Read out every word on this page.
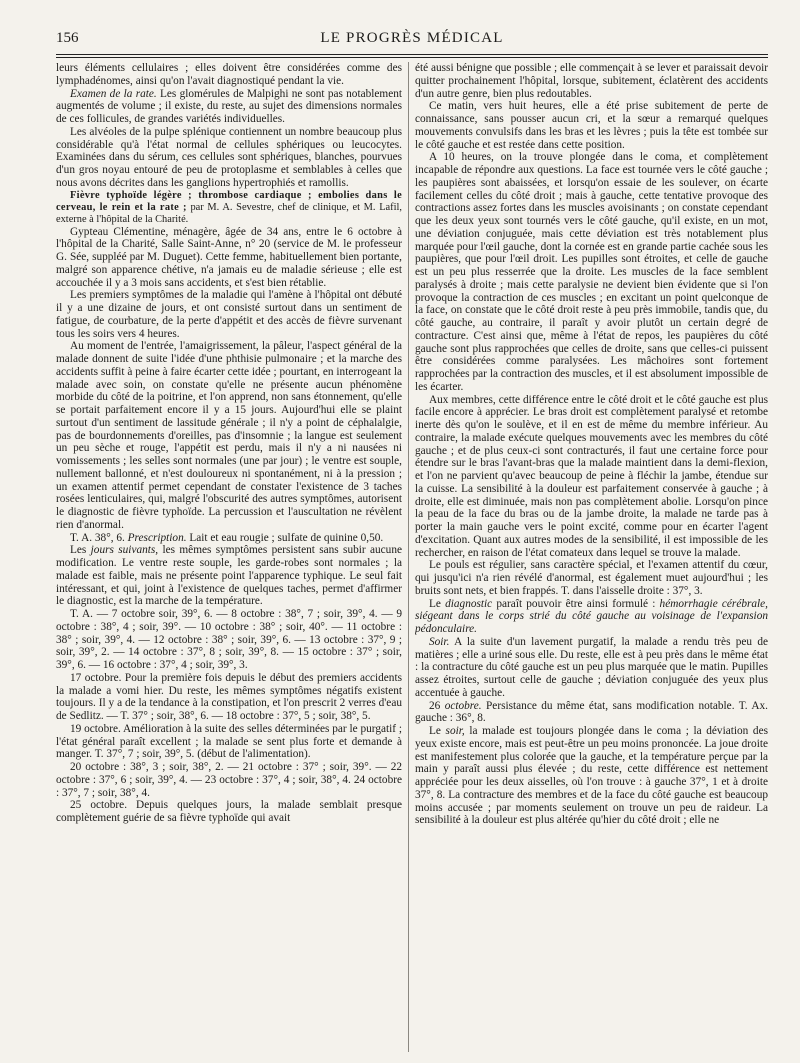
156	LE PROGRÈS MÉDICAL

leurs éléments cellulaires ; elles doivent être considérées comme des lymphadénomes, ainsi qu'on l'avait diagnostiqué pendant la vie.

Examen de la rate. Les glomérules de Malpighi ne sont pas notablement augmentés de volume ; il existe, du reste, au sujet des dimensions normales de ces follicules, de grandes variétés individuelles.

Les alvéoles de la pulpe splénique contiennent un nombre beaucoup plus considérable qu'à l'état normal de cellules sphériques ou leucocytes. Examinées dans du sérum, ces cellules sont sphériques, blanches, pourvues d'un gros noyau entouré de peu de protoplasme et semblables à celles que nous avons décrites dans les ganglions hypertrophiés et ramollis.

Fièvre typhoïde légère ; thrombose cardiaque ; embolies dans le cerveau, le rein et la rate ; par M. A. Sevestre, chef de clinique, et M. Lafil, externe à l'hôpital de la Charité.

Gypteau Clémentine, ménagère, âgée de 34 ans, entre le 6 octobre à l'hôpital de la Charité, Salle Saint-Anne, n° 20 (service de M. le professeur G. Sée, suppléé par M. Duguet). Cette femme, habituellement bien portante, malgré son apparence chétive, n'a jamais eu de maladie sérieuse ; elle est accouchée il y a 3 mois sans accidents, et s'est bien rétablie.

Les premiers symptômes de la maladie qui l'amène à l'hôpital ont débuté il y a une dizaine de jours, et ont consisté surtout dans un sentiment de fatigue, de courbature, de la perte d'appétit et des accès de fièvre survenant tous les soirs vers 4 heures.

Au moment de l'entrée, l'amaigrissement, la pâleur, l'aspect général de la malade donnent de suite l'idée d'une phthisie pulmonaire ; et la marche des accidents suffit à peine à faire écarter cette idée ; pourtant, en interrogeant la malade avec soin, on constate qu'elle ne présente aucun phénomène morbide du côté de la poitrine, et l'on apprend, non sans étonnement, qu'elle se portait parfaitement encore il y a 15 jours. Aujourd'hui elle se plaint surtout d'un sentiment de lassitude générale ; il n'y a point de céphalalgie, pas de bourdonnements d'oreilles, pas d'insomnie ; la langue est seulement un peu sèche et rouge, l'appétit est perdu, mais il n'y a ni nausées ni vomissements ; les selles sont normales (une par jour) ; le ventre est souple, nullement ballonné, et n'est douloureux ni spontanément, ni à la pression ; un examen attentif permet cependant de constater l'existence de 3 taches rosées lenticulaires, qui, malgré l'obscurité des autres symptômes, autorisent le diagnostic de fièvre typhoïde. La percussion et l'auscultation ne révèlent rien d'anormal.

T. A. 38°, 6. Prescription. Lait et eau rougie ; sulfate de quinine 0,50.

Les jours suivants, les mêmes symptômes persistent sans subir aucune modification. Le ventre reste souple, les garde-robes sont normales ; la malade est faible, mais ne présente point l'apparence typhique. Le seul fait intéressant, et qui, joint à l'existence de quelques taches, permet d'affirmer le diagnostic, est la marche de la température.

T. A. — 7 octobre soir, 39°, 6. — 8 octobre : 38°, 7 ; soir, 39°, 4. — 9 octobre : 38°, 4 ; soir, 39°. — 10 octobre : 38° ; soir, 40°. — 11 octobre : 38° ; soir, 39°, 4. — 12 octobre : 38° ; soir, 39°, 6. — 13 octobre : 37°, 9 ; soir, 39°, 2. — 14 octobre : 37°, 8 ; soir, 39°, 8. — 15 octobre : 37° ; soir, 39°, 6. — 16 octobre : 37°, 4 ; soir, 39°, 3.

17 octobre. Pour la première fois depuis le début des premiers accidents la malade a vomi hier. Du reste, les mêmes symptômes négatifs existent toujours. Il y a de la tendance à la constipation, et l'on prescrit 2 verres d'eau de Sedlitz. — T. 37° ; soir, 38°, 6. — 18 octobre : 37°, 5 ; soir, 38°, 5.

19 octobre. Amélioration à la suite des selles déterminées par le purgatif ; l'état général paraît excellent ; la malade se sent plus forte et demande à manger. T. 37°, 7 ; soir, 39°, 5. (début de l'alimentation).

20 octobre : 38°, 3 ; soir, 38°, 2. — 21 octobre : 37° ; soir, 39°. — 22 octobre : 37°, 6 ; soir, 39°, 4. — 23 octobre : 37°, 4 ; soir, 38°, 4. 24 octobre : 37°, 7 ; soir, 38°, 4.

25 octobre. Depuis quelques jours, la malade semblait presque complètement guérie de sa fièvre typhoïde qui avait

été aussi bénigne que possible ; elle commençait à se lever et paraissait devoir quitter prochainement l'hôpital, lorsque, subitement, éclatèrent des accidents d'un autre genre, bien plus redoutables.

Ce matin, vers huit heures, elle a été prise subitement de perte de connaissance, sans pousser aucun cri, et la sœur a remarqué quelques mouvements convulsifs dans les bras et les lèvres ; puis la tête est tombée sur le côté gauche et est restée dans cette position.

A 10 heures, on la trouve plongée dans le coma, et complètement incapable de répondre aux questions. La face est tournée vers le côté gauche ; les paupières sont abaissées, et lorsqu'on essaie de les soulever, on écarte facilement celles du côté droit ; mais à gauche, cette tentative provoque des contractions assez fortes dans les muscles avoisinants ; on constate cependant que les deux yeux sont tournés vers le côté gauche, qu'il existe, en un mot, une déviation conjuguée, mais cette déviation est très notablement plus marquée pour l'œil gauche, dont la cornée est en grande partie cachée sous les paupières, que pour l'œil droit. Les pupilles sont étroites, et celle de gauche est un peu plus resserrée que la droite. Les muscles de la face semblent paralysés à droite ; mais cette paralysie ne devient bien évidente que si l'on provoque la contraction de ces muscles ; en excitant un point quelconque de la face, on constate que le côté droit reste à peu près immobile, tandis que, du côté gauche, au contraire, il paraît y avoir plutôt un certain degré de contracture. C'est ainsi que, même à l'état de repos, les paupières du côté gauche sont plus rapprochées que celles de droite, sans que celles-ci puissent être considérées comme paralysées. Les mâchoires sont fortement rapprochées par la contraction des muscles, et il est absolument impossible de les écarter.

Aux membres, cette différence entre le côté droit et le côté gauche est plus facile encore à apprécier. Le bras droit est complètement paralysé et retombe inerte dès qu'on le soulève, et il en est de même du membre inférieur. Au contraire, la malade exécute quelques mouvements avec les membres du côté gauche ; et de plus ceux-ci sont contracturés, il faut une certaine force pour étendre sur le bras l'avant-bras que la malade maintient dans la demi-flexion, et l'on ne parvient qu'avec beaucoup de peine à fléchir la jambe, étendue sur la cuisse. La sensibilité à la douleur est parfaitement conservée à gauche ; à droite, elle est diminuée, mais non pas complètement abolie. Lorsqu'on pince la peau de la face du bras ou de la jambe droite, la malade ne tarde pas à porter la main gauche vers le point excité, comme pour en écarter l'agent d'excitation. Quant aux autres modes de la sensibilité, il est impossible de les rechercher, en raison de l'état comateux dans lequel se trouve la malade.

Le pouls est régulier, sans caractère spécial, et l'examen attentif du cœur, qui jusqu'ici n'a rien révélé d'anormal, est également muet aujourd'hui ; les bruits sont nets, et bien frappés. T. dans l'aisselle droite : 37°, 3.

Le diagnostic paraît pouvoir être ainsi formulé : hémorrhagie cérébrale, siégeant dans le corps strié du côté gauche au voisinage de l'expansion pédonculaire.

Soir. A la suite d'un lavement purgatif, la malade a rendu très peu de matières ; elle a uriné sous elle. Du reste, elle est à peu près dans le même état : la contracture du côté gauche est un peu plus marquée que le matin. Pupilles assez étroites, surtout celle de gauche ; déviation conjuguée des yeux plus accentuée à gauche.

26 octobre. Persistance du même état, sans modification notable. T. Ax. gauche : 36°, 8.

Le soir, la malade est toujours plongée dans le coma ; la déviation des yeux existe encore, mais est peut-être un peu moins prononcée. La joue droite est manifestement plus colorée que la gauche, et la température perçue par la main y paraît aussi plus élevée ; du reste, cette différence est nettement appréciée pour les deux aisselles, où l'on trouve : à gauche 37°, 1 et à droite 37°, 8. La contracture des membres et de la face du côté gauche est beaucoup moins accusée ; par moments seulement on trouve un peu de raideur. La sensibilité à la douleur est plus altérée qu'hier du côté droit ; elle ne
